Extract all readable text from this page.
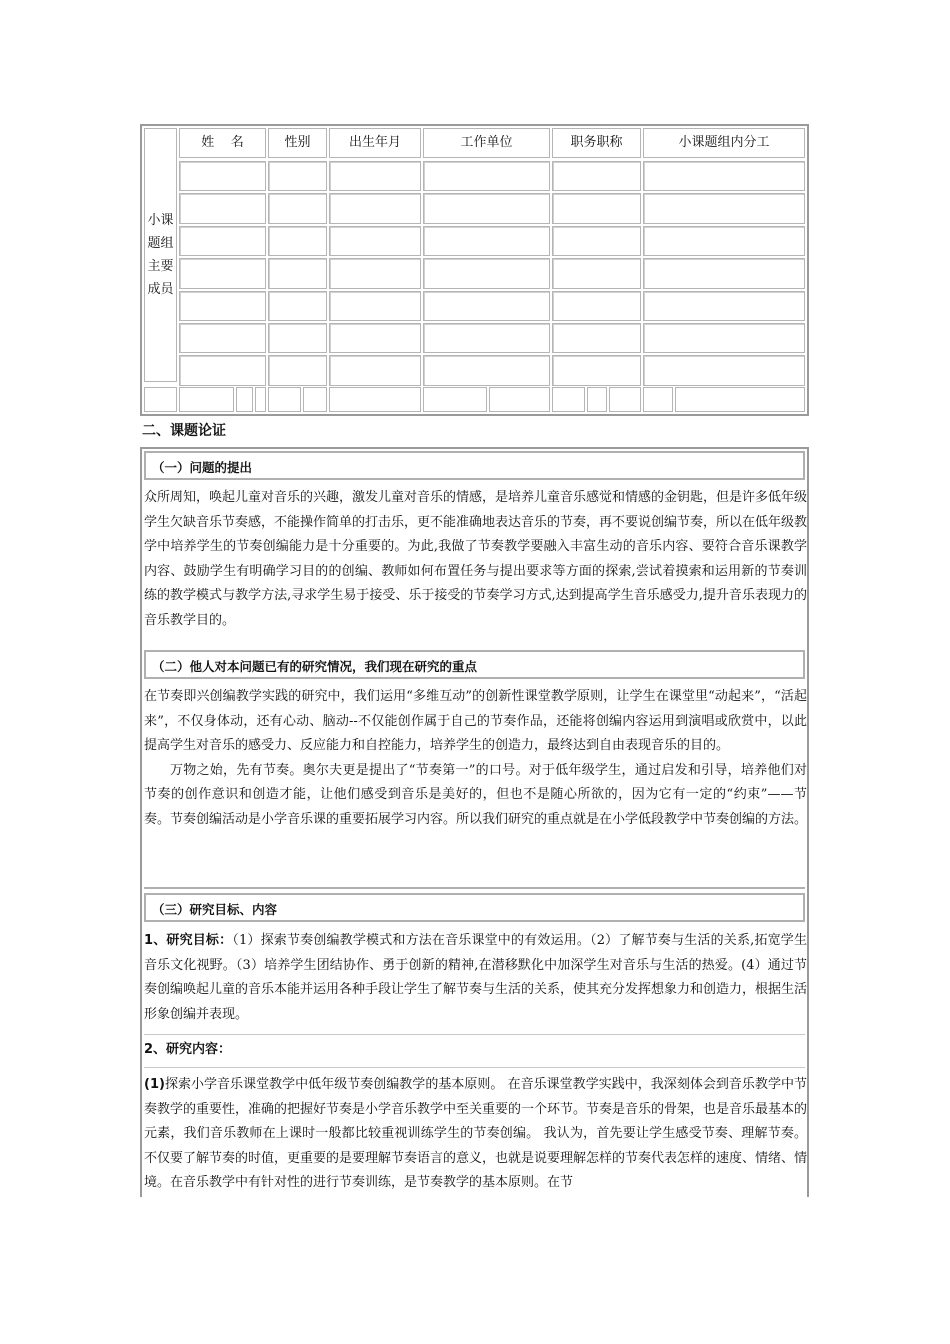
小课
题组
主要
成员
姓    名	性别	出生年月	工作单位	职务职称	小课题组内分工
二、课题论证
（一）问题的提出

众所周知，唤起儿童对音乐的兴趣，激发儿童对音乐的情感，是培养儿童音乐感觉和情感的金钥匙，但是许多低年级学生欠缺音乐节奏感，不能操作简单的打击乐，更不能准确地表达音乐的节奏，再不要说创编节奏，所以在低年级教学中培养学生的节奏创编能力是十分重要的。为此,我做了节奏教学要融入丰富生动的音乐内容、要符合音乐课教学内容、鼓励学生有明确学习目的的创编、教师如何布置任务与提出要求等方面的探索,尝试着摸索和运用新的节奏训练的教学模式与教学方法,寻求学生易于接受、乐于接受的节奏学习方式,达到提高学生音乐感受力,提升音乐表现力的音乐教学目的。

（二）他人对本问题已有的研究情况，我们现在研究的重点

在节奏即兴创编教学实践的研究中，我们运用“多维互动”的创新性课堂教学原则，让学生在课堂里“动起来”，“活起来”，不仅身体动，还有心动、脑动--不仅能创作属于自己的节奏作品，还能将创编内容运用到演唱或欣赏中，以此提高学生对音乐的感受力、反应能力和自控能力，培养学生的创造力，最终达到自由表现音乐的目的。

万物之始，先有节奏。奥尔夫更是提出了“节奏第一”的口号。对于低年级学生，通过启发和引导，培养他们对节奏的创作意识和创造才能，让他们感受到音乐是美好的，但也不是随心所欲的，因为它有一定的“约束”——节奏。节奏创编活动是小学音乐课的重要拓展学习内容。所以我们研究的重点就是在小学低段教学中节奏创编的方法。

（三）研究目标、内容

1、研究目标：（1）探索节奏创编教学模式和方法在音乐课堂中的有效运用。（2）了解节奏与生活的关系,拓宽学生音乐文化视野。（3）培养学生团结协作、勇于创新的精神,在潜移默化中加深学生对音乐与生活的热爱。(4）通过节奏创编唤起儿童的音乐本能并运用各种手段让学生了解节奏与生活的关系，使其充分发挥想象力和创造力，根据生活形象创编并表现。

2、研究内容：

(1)探索小学音乐课堂教学中低年级节奏创编教学的基本原则。 在音乐课堂教学实践中，我深刻体会到音乐教学中节奏教学的重要性，准确的把握好节奏是小学音乐教学中至关重要的一个环节。节奏是音乐的骨架，也是音乐最基本的元素，我们音乐教师在上课时一般都比较重视训练学生的节奏创编。 我认为，首先要让学生感受节奏、理解节奏。不仅要了解节奏的时值，更重要的是要理解节奏语言的意义，也就是说要理解怎样的节奏代表怎样的速度、情绪、情境。在音乐教学中有针对性的进行节奏训练，是节奏教学的基本原则。在节
